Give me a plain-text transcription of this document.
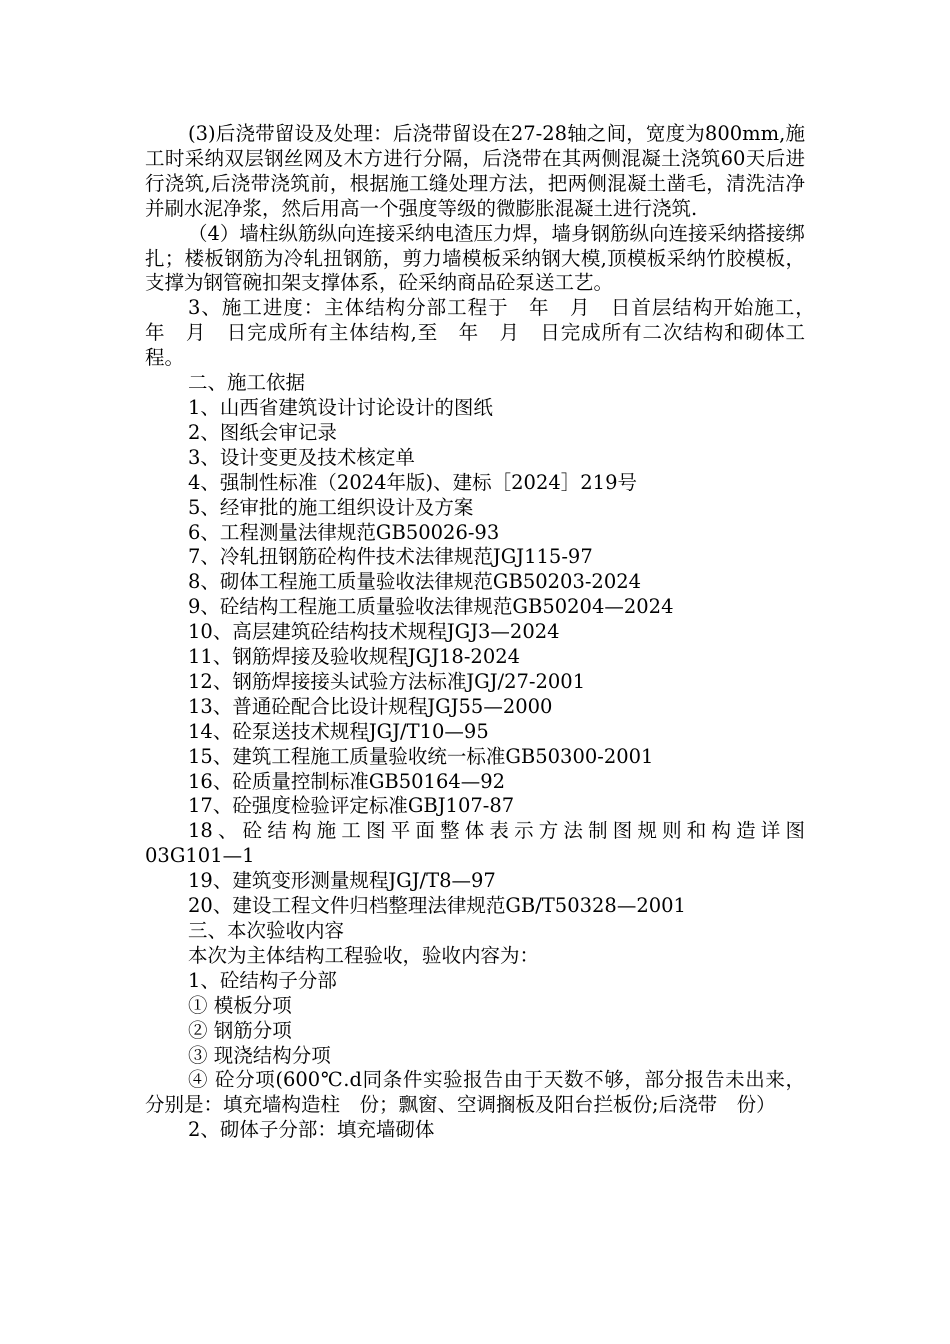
(3)后浇带留设及处理：后浇带留设在27-28轴之间，宽度为800mm,施工时采纳双层钢丝网及木方进行分隔，后浇带在其两侧混凝土浇筑60天后进行浇筑,后浇带浇筑前，根据施工缝处理方法，把两侧混凝土凿毛，清洗洁净并刷水泥净浆，然后用高一个强度等级的微膨胀混凝土进行浇筑.

（4）墙柱纵筋纵向连接采纳电渣压力焊，墙身钢筋纵向连接采纳搭接绑扎；楼板钢筋为冷轧扭钢筋，剪力墙模板采纳钢大模,顶模板采纳竹胶模板，支撑为钢管碗扣架支撑体系，砼采纳商品砼泵送工艺。

3、施工进度：主体结构分部工程于　年　月　日首层结构开始施工，　年　月　日完成所有主体结构,至　年　月　日完成所有二次结构和砌体工程。

二、施工依据

1、山西省建筑设计讨论设计的图纸

2、图纸会审记录

3、设计变更及技术核定单

4、强制性标准（2024年版)、建标［2024］219号

5、经审批的施工组织设计及方案

6、工程测量法律规范GB50026-93

7、冷轧扭钢筋砼构件技术法律规范JGJ115-97

8、砌体工程施工质量验收法律规范GB50203-2024

9、砼结构工程施工质量验收法律规范GB50204—2024

10、高层建筑砼结构技术规程JGJ3—2024

11、钢筋焊接及验收规程JGJ18-2024

12、钢筋焊接接头试验方法标准JGJ/27-2001

13、普通砼配合比设计规程JGJ55—2000

14、砼泵送技术规程JGJ/T10—95

15、建筑工程施工质量验收统一标准GB50300-2001

16、砼质量控制标准GB50164—92

17、砼强度检验评定标准GBJ107-87

18、砼结构施工图平面整体表示方法制图规则和构造详图

03G101—1

19、建筑变形测量规程JGJ/T8—97

20、建设工程文件归档整理法律规范GB/T50328—2001

三、本次验收内容

本次为主体结构工程验收，验收内容为：

1、砼结构子分部

① 模板分项

② 钢筋分项

③ 现浇结构分项

④ 砼分项(600℃.d同条件实验报告由于天数不够，部分报告未出来，分别是：填充墙构造柱　份；飘窗、空调搁板及阳台拦板份;后浇带　份）

2、砌体子分部：填充墙砌体
